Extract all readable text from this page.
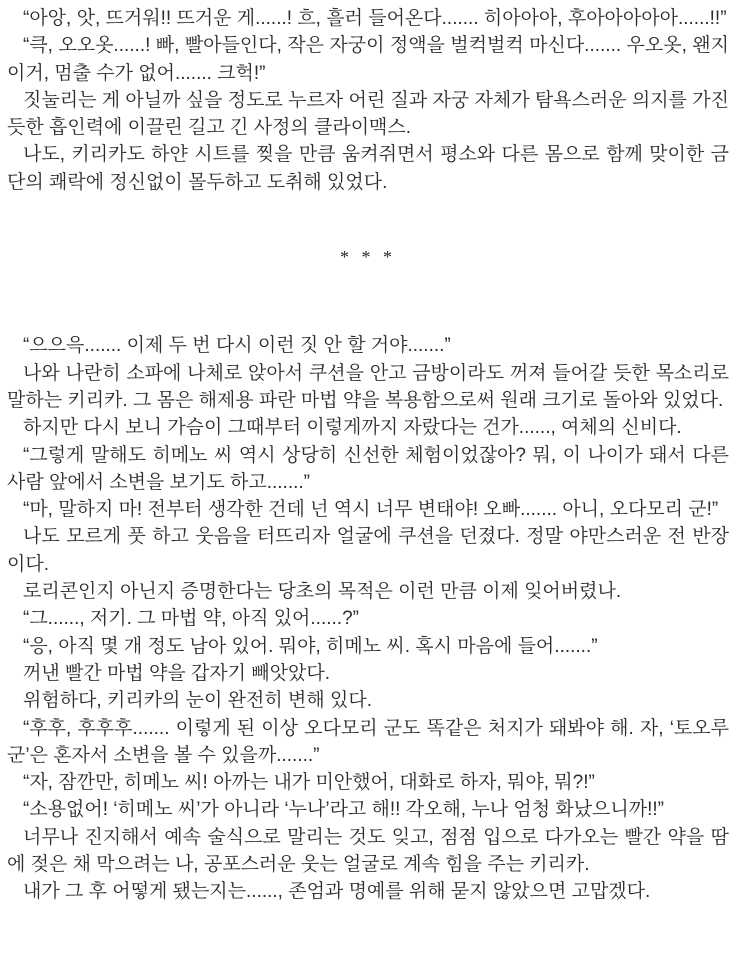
“아앙, 앗, 뜨거워!! 뜨거운 게......! 흐, 흘러 들어온다....... 히아아아, 후아아아아아......!!”

“큭, 오오옷......! 빠, 빨아들인다, 작은 자궁이 정액을 벌컥벌컥 마신다....... 우오옷, 왠지 이거, 멈출 수가 없어....... 크헉!”

짓눌리는 게 아닐까 싶을 정도로 누르자 어린 질과 자궁 자체가 탐욕스러운 의지를 가진 듯한 흡인력에 이끌린 길고 긴 사정의 클라이맥스.

나도, 키리카도 하얀 시트를 찢을 만큼 움켜쥐면서 평소와 다른 몸으로 함께 맞이한 금단의 쾌락에 정신없이 몰두하고 도취해 있었다.

* * *

“으으윽....... 이제 두 번 다시 이런 짓 안 할 거야.......”

나와 나란히 소파에 나체로 앉아서 쿠션을 안고 금방이라도 꺼져 들어갈 듯한 목소리로 말하는 키리카. 그 몸은 해제용 파란 마법 약을 복용함으로써 원래 크기로 돌아와 있었다.

하지만 다시 보니 가슴이 그때부터 이렇게까지 자랐다는 건가......, 여체의 신비다.

“그렇게 말해도 히메노 씨 역시 상당히 신선한 체험이었잖아? 뭐, 이 나이가 돼서 다른 사람 앞에서 소변을 보기도 하고.......”

“마, 말하지 마! 전부터 생각한 건데 넌 역시 너무 변태야! 오빠....... 아니, 오다모리 군!”

나도 모르게 풋 하고 웃음을 터뜨리자 얼굴에 쿠션을 던졌다. 정말 야만스러운 전 반장이다.

로리콘인지 아닌지 증명한다는 당초의 목적은 이런 만큼 이제 잊어버렸나.

“그......, 저기. 그 마법 약, 아직 있어......?”

“응, 아직 몇 개 정도 남아 있어. 뭐야, 히메노 씨. 혹시 마음에 들어.......”

꺼낸 빨간 마법 약을 갑자기 빼앗았다.

위험하다, 키리카의 눈이 완전히 변해 있다.

“후후, 후후후....... 이렇게 된 이상 오다모리 군도 똑같은 처지가 돼봐야 해. 자, ‘토오루 군’은 혼자서 소변을 볼 수 있을까.......”

“자, 잠깐만, 히메노 씨! 아까는 내가 미안했어, 대화로 하자, 뭐야, 뭐?!”

“소용없어! ‘히메노 씨’가 아니라 ‘누나’라고 해!! 각오해, 누나 엄청 화났으니까!!”

너무나 진지해서 예속 술식으로 말리는 것도 잊고, 점점 입으로 다가오는 빨간 약을 땀에 젖은 채 막으려는 나, 공포스러운 웃는 얼굴로 계속 힘을 주는 키리카.

내가 그 후 어떻게 됐는지는......, 존엄과 명예를 위해 묻지 않았으면 고맙겠다.
